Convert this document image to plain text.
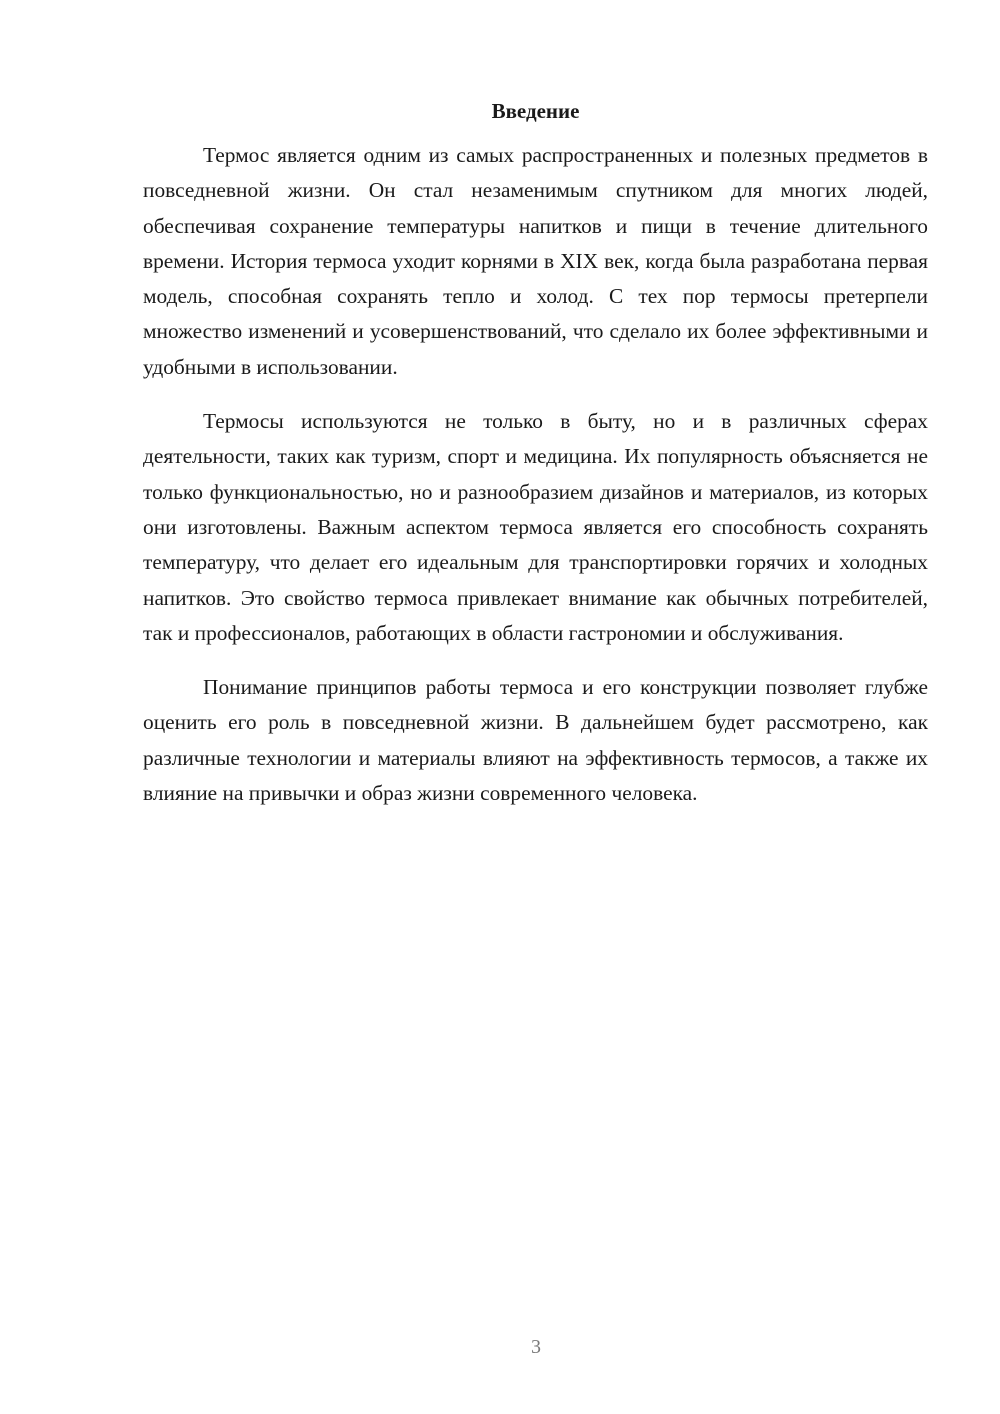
Введение

Термос является одним из самых распространенных и полезных предметов в повседневной жизни. Он стал незаменимым спутником для многих людей, обеспечивая сохранение температуры напитков и пищи в течение длительного времени. История термоса уходит корнями в XIX век, когда была разработана первая модель, способная сохранять тепло и холод. С тех пор термосы претерпели множество изменений и усовершенствований, что сделало их более эффективными и удобными в использовании.

Термосы используются не только в быту, но и в различных сферах деятельности, таких как туризм, спорт и медицина. Их популярность объясняется не только функциональностью, но и разнообразием дизайнов и материалов, из которых они изготовлены. Важным аспектом термоса является его способность сохранять температуру, что делает его идеальным для транспортировки горячих и холодных напитков. Это свойство термоса привлекает внимание как обычных потребителей, так и профессионалов, работающих в области гастрономии и обслуживания.

Понимание принципов работы термоса и его конструкции позволяет глубже оценить его роль в повседневной жизни. В дальнейшем будет рассмотрено, как различные технологии и материалы влияют на эффективность термосов, а также их влияние на привычки и образ жизни современного человека.

3
